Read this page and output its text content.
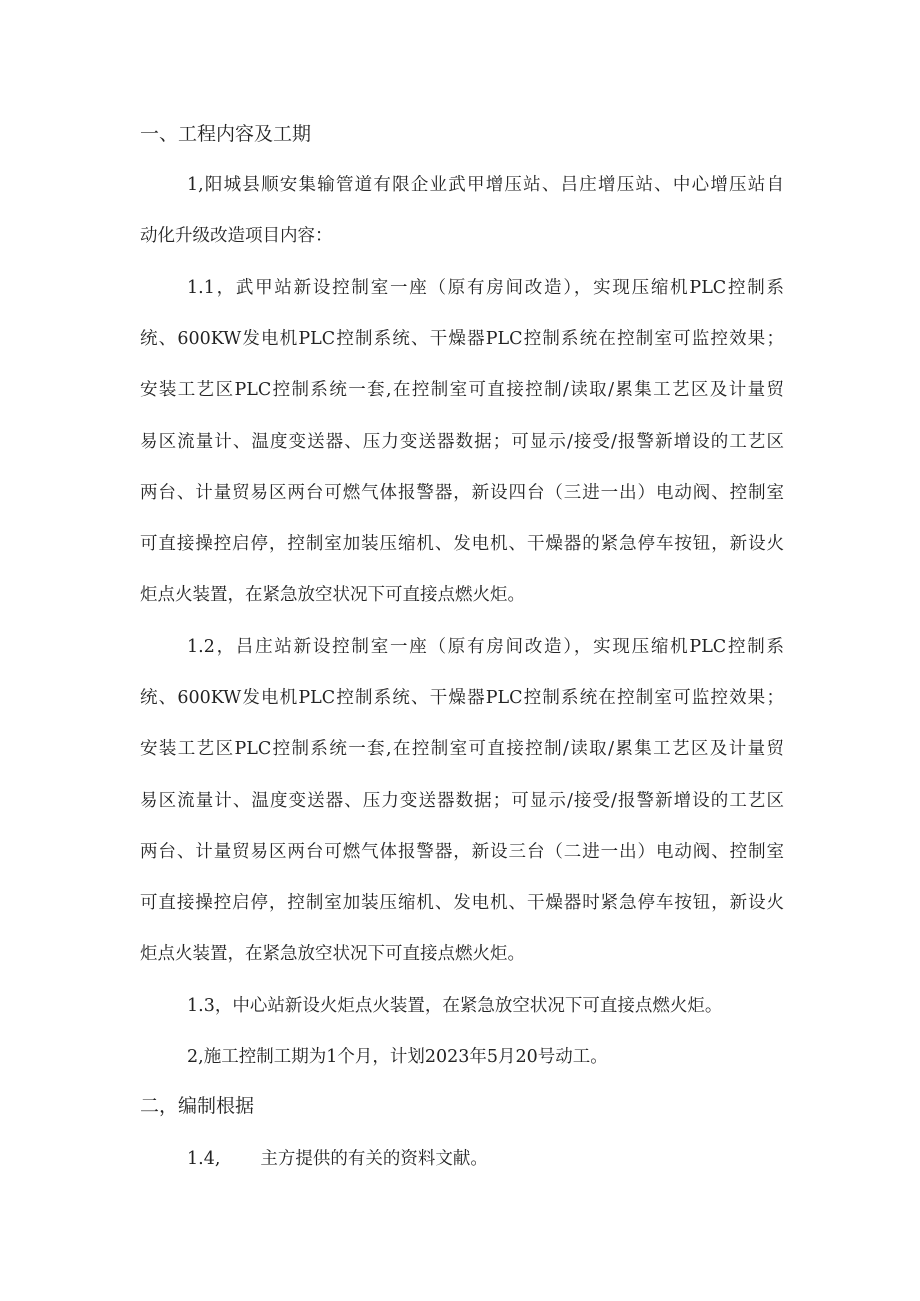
一、工程内容及工期
1,阳城县顺安集输管道有限企业武甲增压站、吕庄增压站、中心增压站自
动化升级改造项目内容：
1.1，武甲站新设控制室一座（原有房间改造），实现压缩机PLC控制系
统、600KW发电机PLC控制系统、干燥器PLC控制系统在控制室可监控效果；
安装工艺区PLC控制系统一套,在控制室可直接控制/读取/累集工艺区及计量贸
易区流量计、温度变送器、压力变送器数据；可显示/接受/报警新增设的工艺区
两台、计量贸易区两台可燃气体报警器，新设四台（三进一出）电动阀、控制室
可直接操控启停，控制室加装压缩机、发电机、干燥器的紧急停车按钮，新设火
炬点火装置，在紧急放空状况下可直接点燃火炬。
1.2，吕庄站新设控制室一座（原有房间改造），实现压缩机PLC控制系
统、600KW发电机PLC控制系统、干燥器PLC控制系统在控制室可监控效果；
安装工艺区PLC控制系统一套,在控制室可直接控制/读取/累集工艺区及计量贸
易区流量计、温度变送器、压力变送器数据；可显示/接受/报警新增设的工艺区
两台、计量贸易区两台可燃气体报警器，新设三台（二进一出）电动阀、控制室
可直接操控启停，控制室加装压缩机、发电机、干燥器时紧急停车按钮，新设火
炬点火装置，在紧急放空状况下可直接点燃火炬。
1.3，中心站新设火炬点火装置，在紧急放空状况下可直接点燃火炬。
2,施工控制工期为1个月，计划2023年5月20号动工。
二，编制根据
1.4, 主方提供的有关的资料文献。
